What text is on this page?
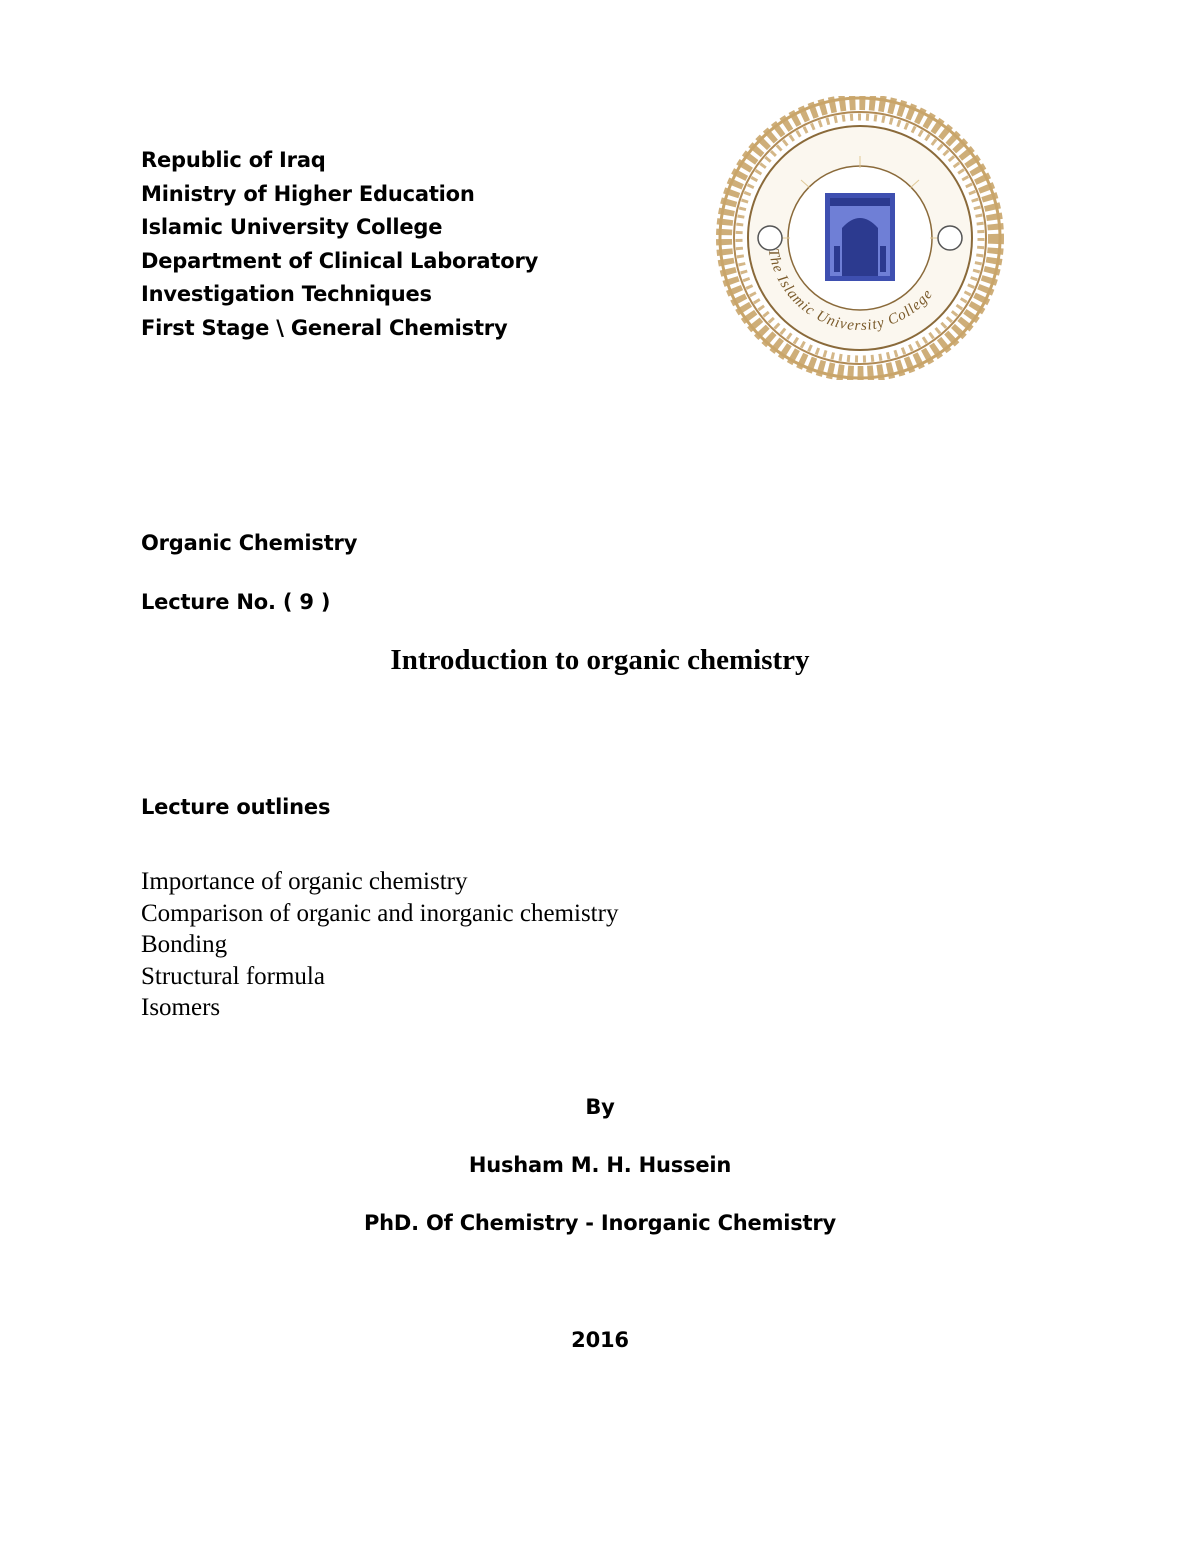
Republic of Iraq
Ministry of Higher Education
Islamic University College
Department of Clinical Laboratory
Investigation Techniques
First Stage \ General Chemistry
The Islamic University College
Organic Chemistry
Lecture No. ( 9 )
Introduction to organic chemistry
Lecture outlines
Importance of organic chemistry
Comparison of organic and inorganic chemistry
Bonding
Structural formula
Isomers
By
Husham M. H. Hussein
PhD. Of Chemistry - Inorganic Chemistry
2016
